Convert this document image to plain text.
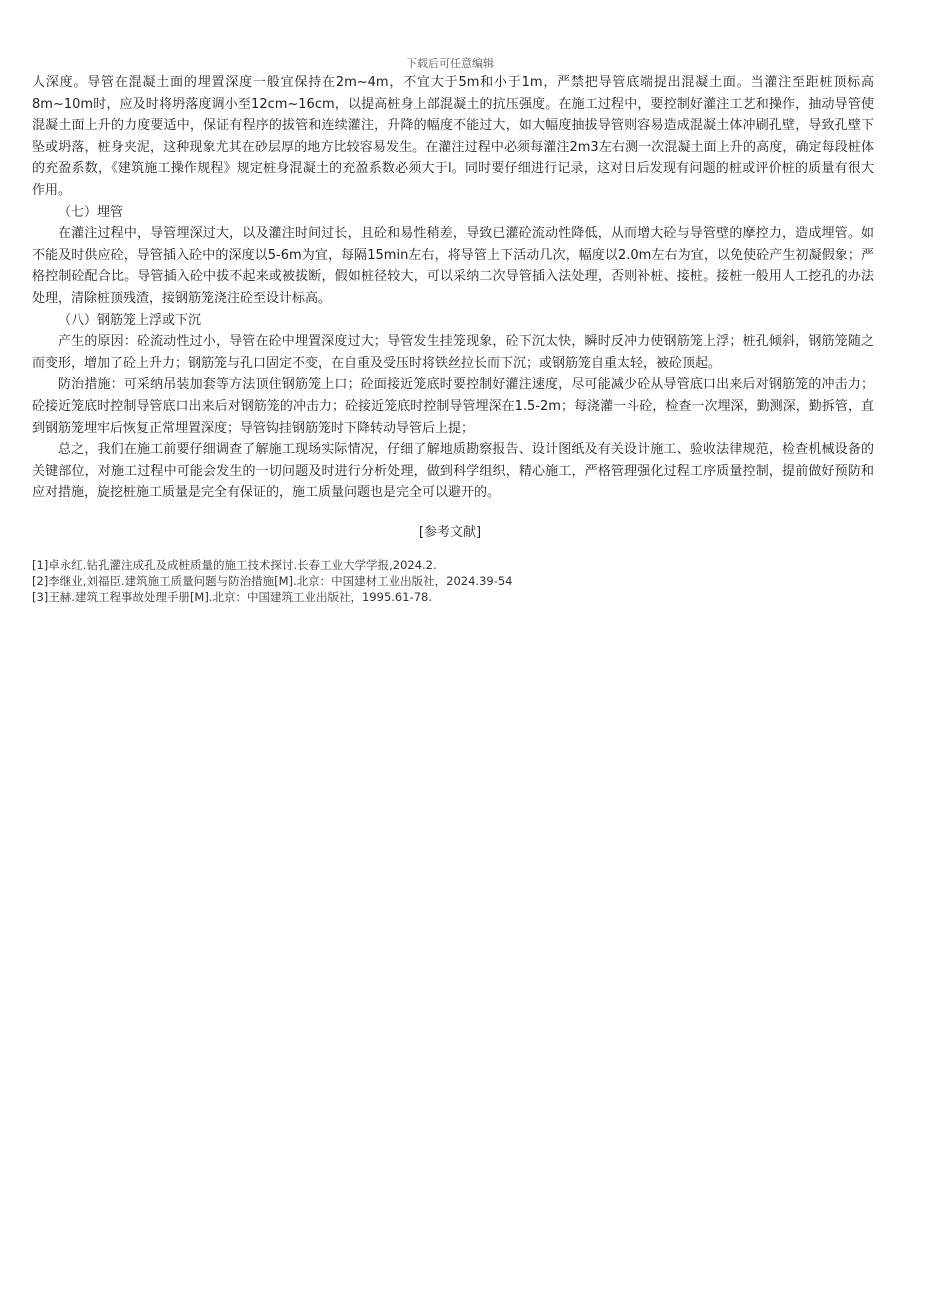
下载后可任意编辑

人深度。导管在混凝土面的埋置深度一般宜保持在2m~4m，不宜大于5m和小于1m，严禁把导管底端提出混凝土面。当灌注至距桩顶标高8m~10m时，应及时将坍落度调小至12cm~16cm，以提高桩身上部混凝土的抗压强度。在施工过程中，要控制好灌注工艺和操作，抽动导管使混凝土面上升的力度要适中，保证有程序的拔管和连续灌注，升降的幅度不能过大，如大幅度抽拔导管则容易造成混凝土体冲刷孔壁，导致孔壁下坠或坍落，桩身夹泥，这种现象尤其在砂层厚的地方比较容易发生。在灌注过程中必须每灌注2m3左右测一次混凝土面上升的高度，确定每段桩体的充盈系数，《建筑施工操作规程》规定桩身混凝土的充盈系数必须大于l。同时要仔细进行记录，这对日后发现有问题的桩或评价桩的质量有很大作用。

（七）埋管

在灌注过程中，导管埋深过大，以及灌注时间过长，且砼和易性稍差，导致已灌砼流动性降低，从而增大砼与导管壁的摩控力，造成埋管。如不能及时供应砼，导管插入砼中的深度以5-6m为宜，每隔15min左右，将导管上下活动几次，幅度以2.0m左右为宜，以免使砼产生初凝假象；严格控制砼配合比。导管插入砼中拔不起来或被拔断，假如桩径较大，可以采纳二次导管插入法处理，否则补桩、接桩。接桩一般用人工挖孔的办法处理，清除桩顶残渣，接钢筋笼浇注砼至设计标高。

（八）钢筋笼上浮或下沉

产生的原因：砼流动性过小，导管在砼中埋置深度过大；导管发生挂笼现象，砼下沉太快，瞬时反冲力使钢筋笼上浮；桩孔倾斜，钢筋笼随之而变形，增加了砼上升力；钢筋笼与孔口固定不变，在自重及受压时将铁丝拉长而下沉；或钢筋笼自重太轻，被砼顶起。

防治措施：可采纳吊装加套等方法顶住钢筋笼上口；砼面接近笼底时要控制好灌注速度，尽可能减少砼从导管底口出来后对钢筋笼的冲击力；砼接近笼底时控制导管底口出来后对钢筋笼的冲击力；砼接近笼底时控制导管埋深在1.5-2m；每浇灌一斗砼，检查一次埋深，勤测深，勤拆管，直到钢筋笼埋牢后恢复正常埋置深度；导管钩挂钢筋笼时下降转动导管后上提；

总之，我们在施工前要仔细调查了解施工现场实际情况，仔细了解地质勘察报告、设计图纸及有关设计施工、验收法律规范，检查机械设备的关键部位，对施工过程中可能会发生的一切问题及时进行分析处理，做到科学组织，精心施工，严格管理强化过程工序质量控制，提前做好预防和应对措施，旋挖桩施工质量是完全有保证的，施工质量问题也是完全可以避开的。

[参考文献]

[1]卓永红.钻孔灌注成孔及成桩质量的施工技术探讨.长春工业大学学报,2024.2.

[2]李继业,刘福臣.建筑施工质量问题与防治措施[M].北京：中国建材工业出版社，2024.39-54

[3]王赫.建筑工程事故处理手册[M].北京：中国建筑工业出版社，1995.61-78.
